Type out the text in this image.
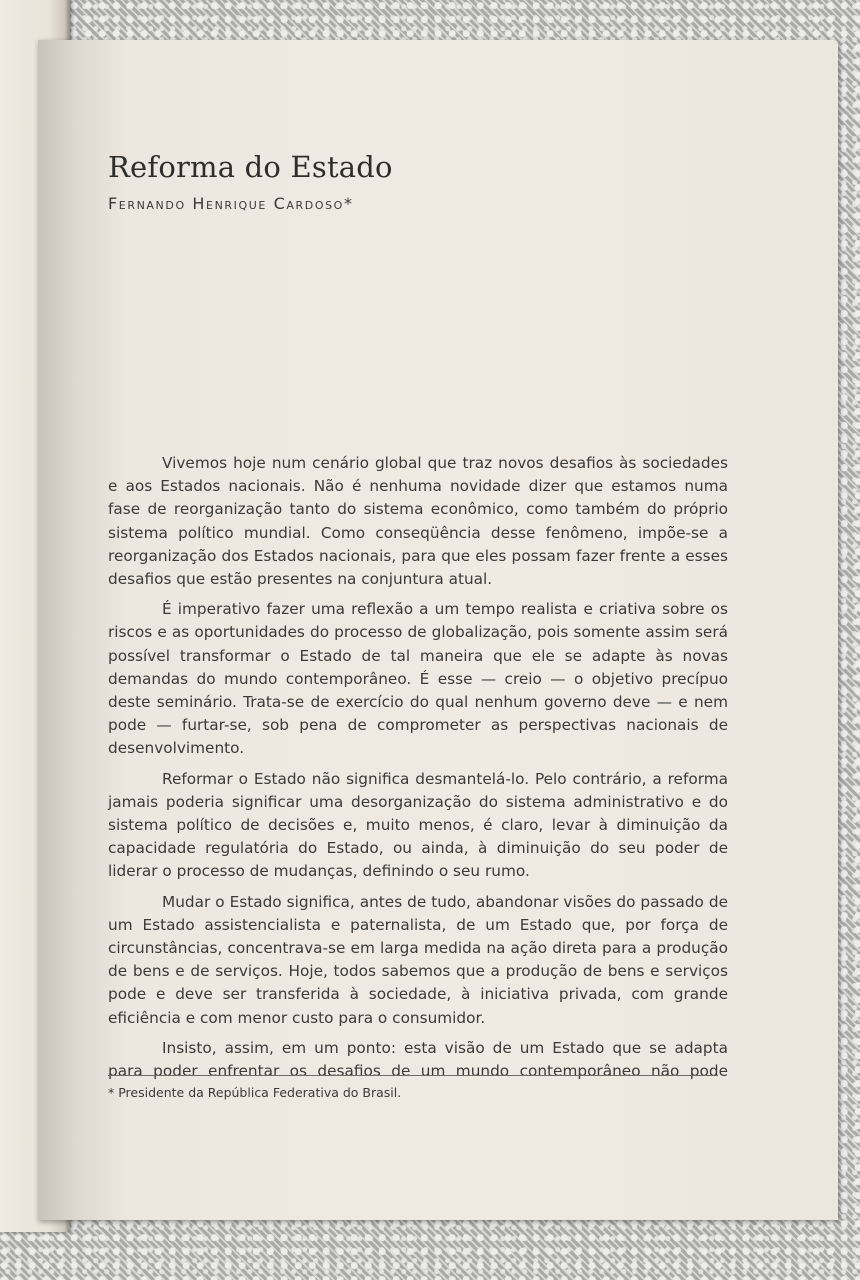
Reforma do Estado
Fernando Henrique Cardoso*

Vivemos hoje num cenário global que traz novos desafios às sociedades e aos Estados nacionais. Não é nenhuma novidade dizer que estamos numa fase de reorganização tanto do sistema econômico, como também do próprio sistema político mundial. Como conseqüência desse fenômeno, impõe-se a reorganização dos Estados nacionais, para que eles possam fazer frente a esses desafios que estão presentes na conjuntura atual.

É imperativo fazer uma reflexão a um tempo realista e criativa sobre os riscos e as oportunidades do processo de globalização, pois somente assim será possível transformar o Estado de tal maneira que ele se adapte às novas demandas do mundo contemporâneo. É esse — creio — o objetivo precípuo deste seminário. Trata-se de exercício do qual nenhum governo deve — e nem pode — furtar-se, sob pena de comprometer as perspectivas nacionais de desenvolvimento.

Reformar o Estado não significa desmantelá-lo. Pelo contrário, a reforma jamais poderia significar uma desorganização do sistema administrativo e do sistema político de decisões e, muito menos, é claro, levar à diminuição da capacidade regulatória do Estado, ou ainda, à diminuição do seu poder de liderar o processo de mudanças, definindo o seu rumo.

Mudar o Estado significa, antes de tudo, abandonar visões do passado de um Estado assistencialista e paternalista, de um Estado que, por força de circunstâncias, concentrava-se em larga medida na ação direta para a produção de bens e de serviços. Hoje, todos sabemos que a produção de bens e serviços pode e deve ser transferida à sociedade, à iniciativa privada, com grande eficiência e com menor custo para o consumidor.

Insisto, assim, em um ponto: esta visão de um Estado que se adapta para poder enfrentar os desafios de um mundo contemporâneo não pode

* Presidente da República Federativa do Brasil.
